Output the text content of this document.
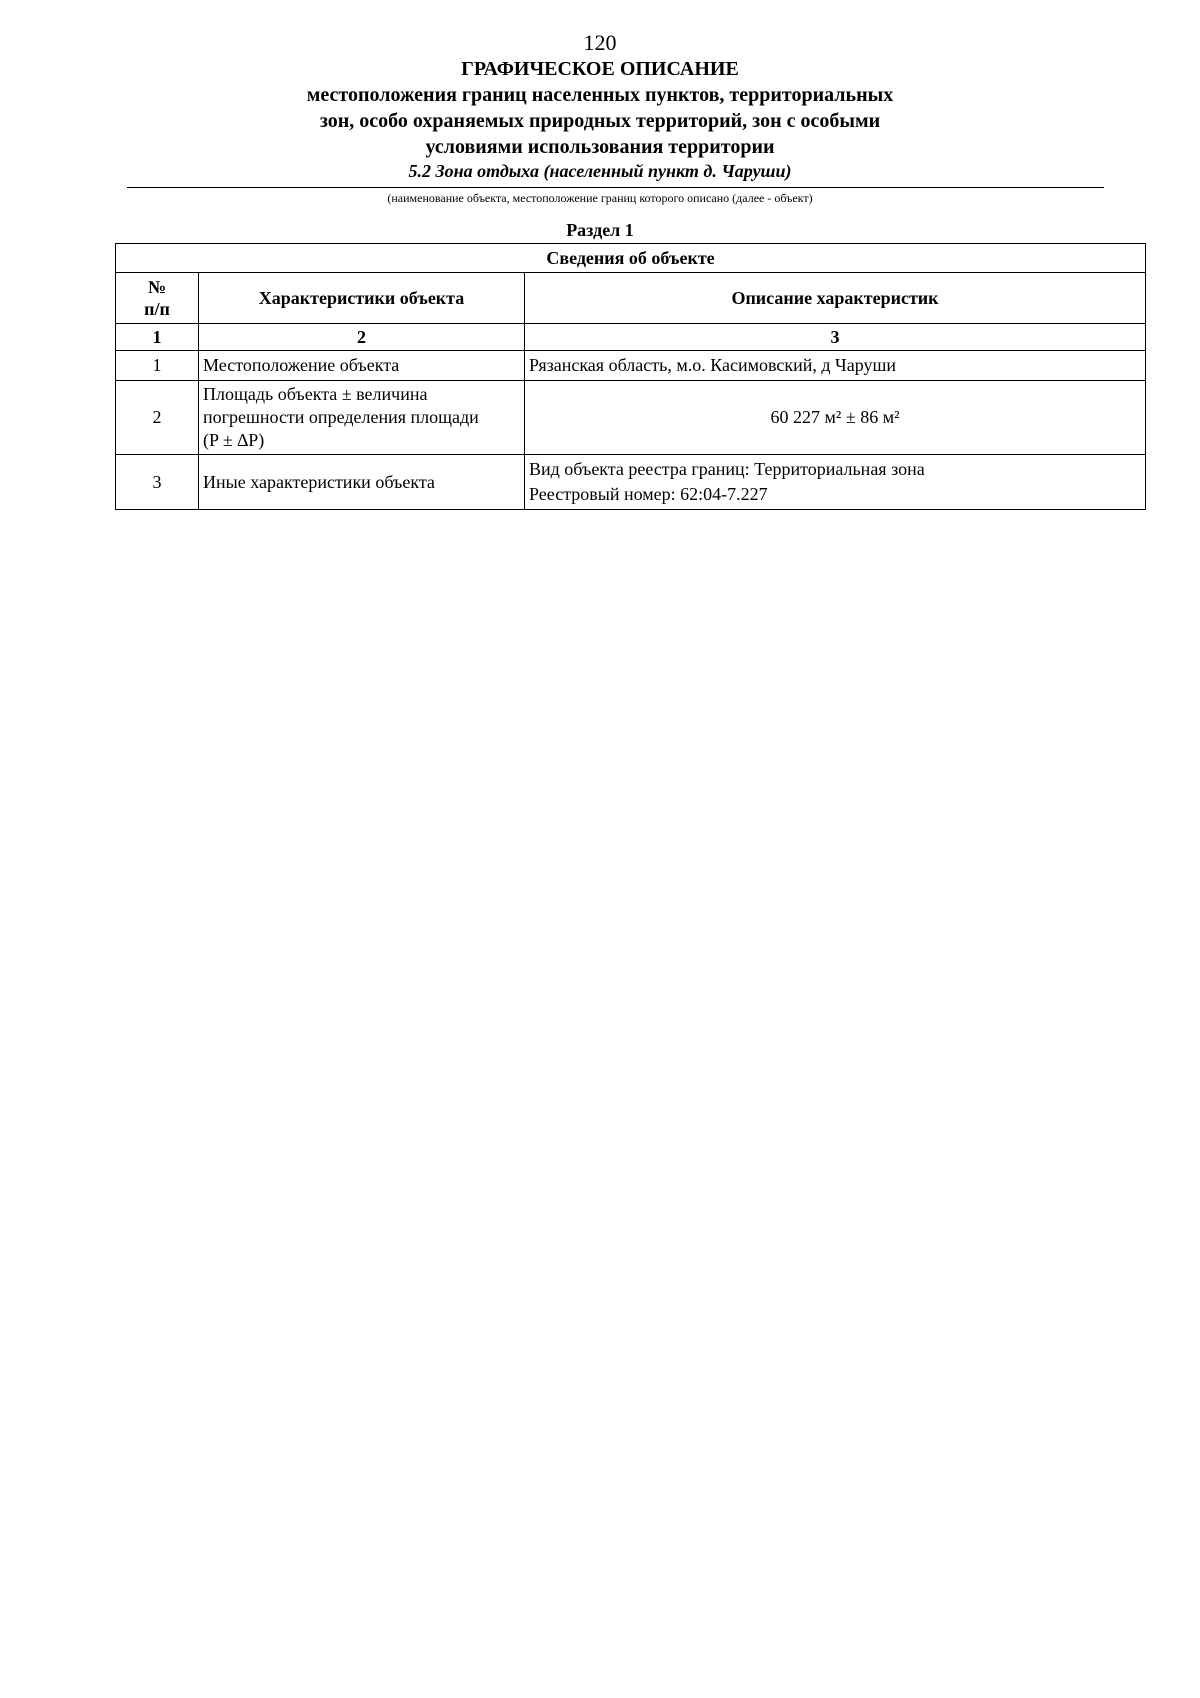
120
ГРАФИЧЕСКОЕ ОПИСАНИЕ
местоположения границ населенных пунктов, территориальных
зон, особо охраняемых природных территорий, зон с особыми
условиями использования территории
5.2 Зона отдыха (населенный пункт д. Чаруши)
(наименование объекта, местоположение границ которого описано (далее - объект)
Раздел 1
Сведения об объекте		

№
п/п	Характеристики объекта	Описание характеристик
1	2	3
1	Местоположение объекта	Рязанская область, м.о. Касимовский, д Чаруши

2	Площадь объекта ± величина
погрешности определения площади
(P ± ∆P)	60 227 м² ± 86 м²

3	Иные характеристики объекта	Вид объекта реестра границ: Территориальная зона
Реестровый номер: 62:04-7.227
